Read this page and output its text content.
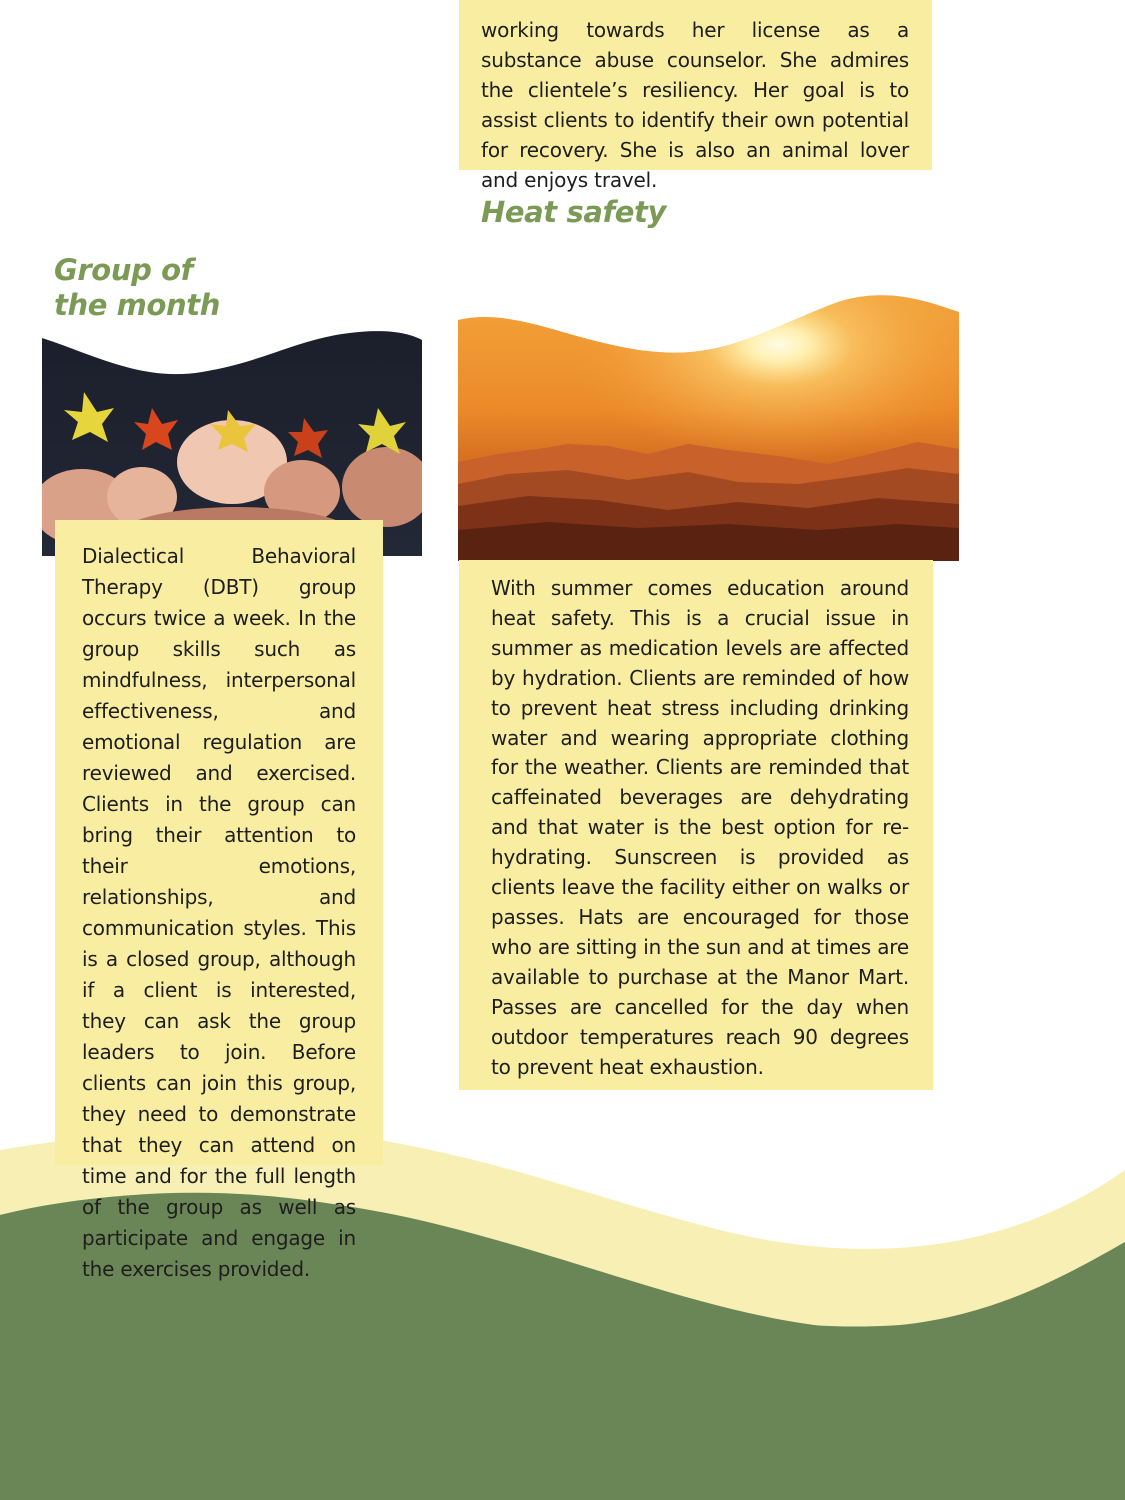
working towards her license as a substance abuse counselor. She admires the clientele’s resiliency. Her goal is to assist clients to identify their own potential for recovery. She is also an animal lover and enjoys travel.

Heat safety

With summer comes education around heat safety. This is a crucial issue in summer as medication levels are affected by hydration. Clients are reminded of how to prevent heat stress including drinking water and wearing appropriate clothing for the weather. Clients are reminded that caffeinated beverages are dehydrating and that water is the best option for re-hydrating. Sunscreen is provided as clients leave the facility either on walks or passes. Hats are encouraged for those who are sitting in the sun and at times are available to purchase at the Manor Mart. Passes are cancelled for the day when outdoor temperatures reach 90 degrees to prevent heat exhaustion.

Group of
the month

Dialectical Behavioral Therapy (DBT) group occurs twice a week. In the group skills such as mindfulness, interpersonal effectiveness, and emotional regulation are reviewed and exercised. Clients in the group can bring their attention to their emotions, relationships, and communication styles. This is a closed group, although if a client is interested, they can ask the group leaders to join. Before clients can join this group, they need to demonstrate that they can attend on time and for the full length of the group as well as participate and engage in the exercises provided.
